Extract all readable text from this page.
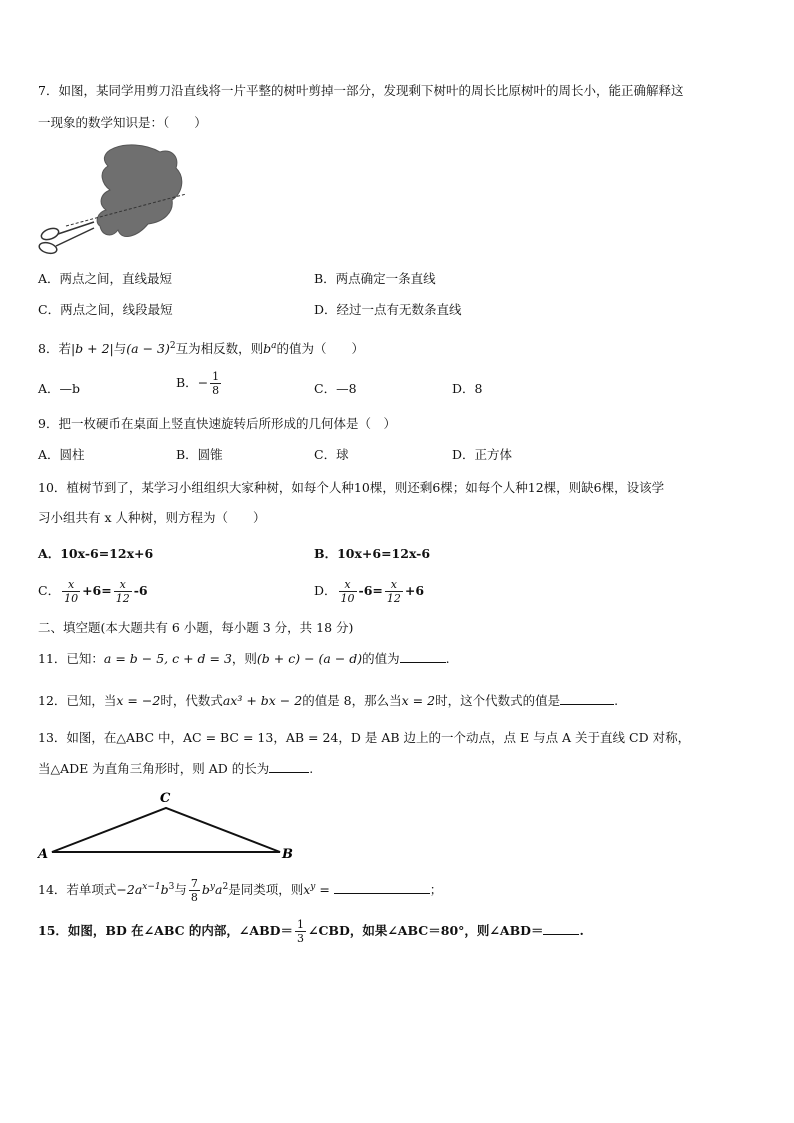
7．如图，某同学用剪刀沿直线将一片平整的树叶剪掉一部分，发现剩下树叶的周长比原树叶的周长小，能正确解释这
一现象的数学知识是：（　　）
A．两点之间，直线最短	B．两点确定一条直线
C．两点之间，线段最短	D．经过一点有无数条直线
8．若|b + 2|与$(a - 3)^2$互为相反数，则$b^a$的值为（　　）
A．—b	B．− $\frac{1}{8}$	C．—8	D．8
9．把一枚硬币在桌面上竖直快速旋转后所形成的几何体是（　）
A．圆柱	B．圆锥	C．球	D．正方体
10．植树节到了，某学习小组组织大家种树，如每个人种10棵，则还剩6棵；如每个人种12棵，则缺6棵，设该学
习小组共有 x 人种树，则方程为（　　）
A．10x-6=12x+6	B．10x+6=12x-6
C． $\frac{x}{10} +6= \frac{x}{12} -6$	D． $\frac{x}{10} -6= \frac{x}{12} +6$
二、填空题(本大题共有 6 小题，每小题 3 分，共 18 分)
11．已知：a = b − 5, c + d = 3，则(b + c) − (a − d)的值为	.
12．已知，当x = −2时，代数式ax³ + bx − 2的值是 8，那么当x = 2时，这个代数式的值是	.
13．如图，在△ABC 中，AC = BC = 13，AB = 24，D 是 AB 边上的一个动点，点 E 与点 A 关于直线 CD 对称，
当△ADE 为直角三角形时，则 AD 的长为	.
C
A	B
14．若单项式$-2a^{x-1}b^3$与 $\frac{7}{8} b^ya^2$是同类项，则$x^y$ =	；
15．如图，BD 在∠ABC 的内部，∠ABD＝ $\frac{1}{3}$ ∠CBD，如果∠ABC＝80°，则∠ABD＝	.
